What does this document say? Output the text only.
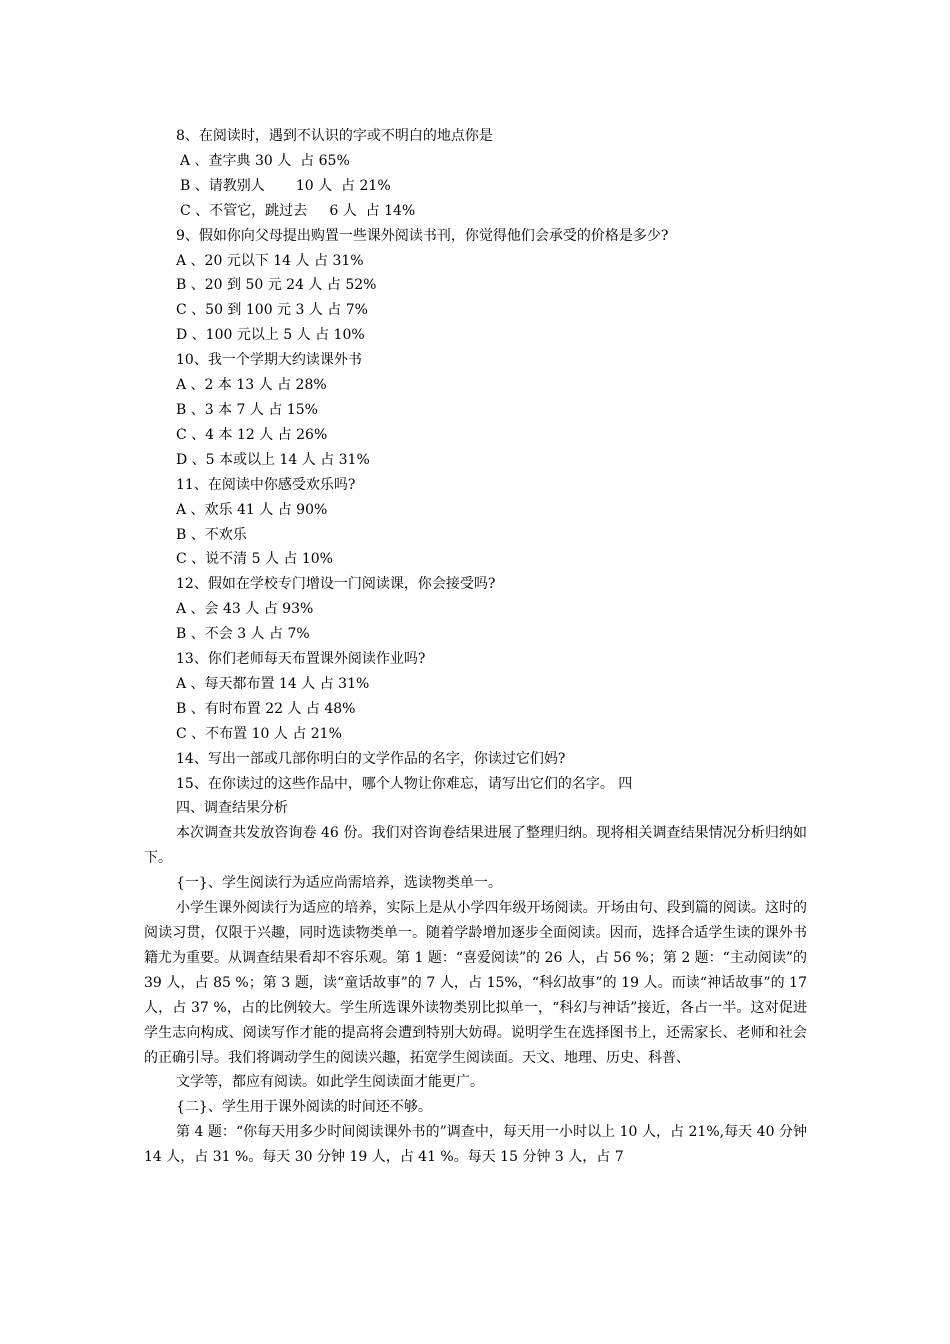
8、在阅读时，遇到不认识的字或不明白的地点你是

A 、查字典 30 人  占 65%

B 、请教别人       10 人  占 21%

C 、不管它，跳过去     6 人  占 14%

9、假如你向父母提出购置一些课外阅读书刊，你觉得他们会承受的价格是多少?

A 、20 元以下 14 人 占 31%

B 、20 到 50 元 24 人 占 52%

C 、50 到 100 元 3 人 占 7%

D 、100 元以上 5 人 占 10%

10、我一个学期大约读课外书

A 、2 本 13 人 占 28%

B 、3 本 7 人 占 15%

C 、4 本 12 人 占 26%

D 、5 本或以上 14 人 占 31%

11、在阅读中你感受欢乐吗?

A 、欢乐 41 人 占 90%

B 、不欢乐

C 、说不清 5 人 占 10%

12、假如在学校专门增设一门阅读课，你会接受吗?

A 、会 43 人 占 93%

B 、不会 3 人 占 7%

13、你们老师每天布置课外阅读作业吗?

A 、每天都布置 14 人 占 31%

B 、有时布置 22 人 占 48%

C 、不布置 10 人 占 21%

14、写出一部或几部你明白的文学作品的名字，你读过它们妈?

15、在你读过的这些作品中，哪个人物让你难忘，请写出它们的名字。 四

四、调查结果分析

本次调查共发放咨询卷 46 份。我们对咨询卷结果进展了整理归纳。现将相关调查结果情况分析归纳如下。

{一}、学生阅读行为适应尚需培养，选读物类单一。

小学生课外阅读行为适应的培养，实际上是从小学四年级开场阅读。开场由句、段到篇的阅读。这时的阅读习贯，仅限于兴趣，同时选读物类单一。随着学龄增加逐步全面阅读。因而，选择合适学生读的课外书籍尤为重要。从调查结果看却不容乐观。第 1 题：“喜爱阅读”的 26 人，占 56 %；第 2 题：“主动阅读”的 39 人，占 85 %；第 3 题，读“童话故事”的 7 人，占 15%，“科幻故事”的 19 人。而读“神话故事”的 17 人，占 37 %，占的比例较大。学生所选课外读物类别比拟单一，“科幻与神话”接近，各占一半。这对促进学生志向构成、阅读写作才能的提高将会遭到特别大妨碍。说明学生在选择图书上，还需家长、老师和社会的正确引导。我们将调动学生的阅读兴趣，拓宽学生阅读面。天文、地理、历史、科普、

文学等，都应有阅读。如此学生阅读面才能更广。

{二}、学生用于课外阅读的时间还不够。

第 4 题：“你每天用多少时间阅读课外书的”调查中，每天用一小时以上 10 人，占 21%,每天 40 分钟 14 人，占 31 %。每天 30 分钟 19 人，占 41 %。每天 15 分钟 3 人，占 7
